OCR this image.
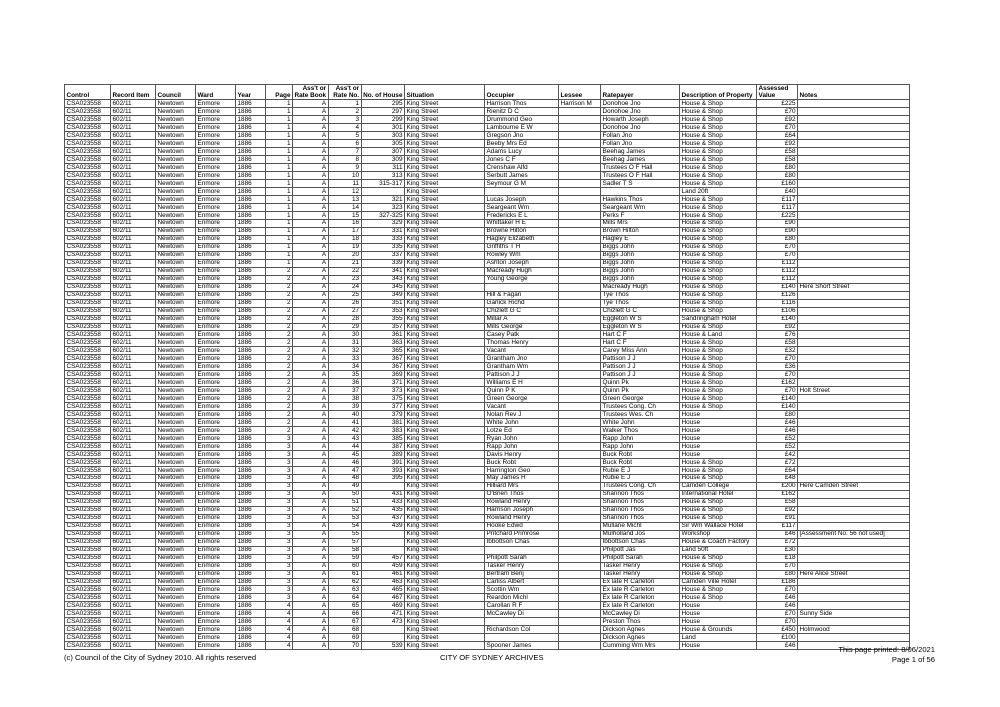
						Ass't or	Ass't or							Assessed	
Control	Record Item	Council	Ward	Year	Page	Rate Book	Rate No.	No. of House	Situation	Occupier	Lessee	Ratepayer	Description of Property	Value	Notes
CSA023558	602/11	Newtown	Enmore	1886	1	A	1	295	King Street	Harrison Thos	Harrison M	Donohoe Jno	House & Shop	£225	
CSA023558	602/11	Newtown	Enmore	1886	1	A	2	297	King Street	Rienitz D C		Donohoe Jno	House & Shop	£70	
CSA023558	602/11	Newtown	Enmore	1886	1	A	3	299	King Street	Drummond Geo		Howarth Joseph	House & Shop	£92	
CSA023558	602/11	Newtown	Enmore	1886	1	A	4	301	King Street	Lambourne E W		Donohoe Jno	House & Shop	£70	
CSA023558	602/11	Newtown	Enmore	1886	1	A	5	303	King Street	Gregson Jno		Follan Jno	House & Shop	£64	
CSA023558	602/11	Newtown	Enmore	1886	1	A	6	305	King Street	Beeby Mrs Ed		Follan Jno	House & Shop	£92	
CSA023558	602/11	Newtown	Enmore	1886	1	A	7	307	King Street	Adams Lucy		Beehag James	House & Shop	£58	
CSA023558	602/11	Newtown	Enmore	1886	1	A	8	309	King Street	Jones C F		Beehag James	House & Shop	£58	
CSA023558	602/11	Newtown	Enmore	1886	1	A	9	311	King Street	Crenshaw Alfd		Trustees O F Hall	House & Shop	£80	
CSA023558	602/11	Newtown	Enmore	1886	1	A	10	313	King Street	Serbutt James		Trustees O F Hall	House & Shop	£80	
CSA023558	602/11	Newtown	Enmore	1886	1	A	11	315-317	King Street	Seymour G M		Sadler T S	House & Shop	£160	
CSA023558	602/11	Newtown	Enmore	1886	1	A	12		King Street				Land 20ft	£40	
CSA023558	602/11	Newtown	Enmore	1886	1	A	13	321	King Street	Lucas Joseph		Hawkins Thos	House & Shop	£117	
CSA023558	602/11	Newtown	Enmore	1886	1	A	14	323	King Street	Seargeant Wm		Seargeant Wm	House & Shop	£117	
CSA023558	602/11	Newtown	Enmore	1886	1	A	15	327-325	King Street	Fredericks E L		Perks F	House & Shop	£225	
CSA023558	602/11	Newtown	Enmore	1886	1	A	16	329	King Street	Whittaker H E		Mills Mrs	House & Shop	£90	
CSA023558	602/11	Newtown	Enmore	1886	1	A	17	331	King Street	Browne Hilton		Brown Hilton	House & Shop	£90	
CSA023558	602/11	Newtown	Enmore	1886	1	A	18	333	King Street	Hagley Elizabeth		Hagley E	House & Shop	£80	
CSA023558	602/11	Newtown	Enmore	1886	1	A	19	335	King Street	Griffiths T H		Biggs John	House & Shop	£70	
CSA023558	602/11	Newtown	Enmore	1886	1	A	20	337	King Street	Rowley Wm		Biggs John	House & Shop	£70	
CSA023558	602/11	Newtown	Enmore	1886	1	A	21	339	King Street	Ashton Joseph		Biggs John	House & Shop	£112	
CSA023558	602/11	Newtown	Enmore	1886	2	A	22	341	King Street	Macready Hugh		Biggs John	House & Shop	£112	
CSA023558	602/11	Newtown	Enmore	1886	2	A	23	343	King Street	Young George		Biggs John	House & Shop	£112	
CSA023558	602/11	Newtown	Enmore	1886	2	A	24	345	King Street			Macready Hugh	House & Shop	£140	Here Short Street
CSA023558	602/11	Newtown	Enmore	1886	2	A	25	349	King Street	Hill & Fagan		Tye Thos	House & Shop	£126	
CSA023558	602/11	Newtown	Enmore	1886	2	A	26	351	King Street	Garlick Richd		Tye Thos	House & Shop	£116	
CSA023558	602/11	Newtown	Enmore	1886	2	A	27	353	King Street	Chizlett G C		Chizlett G C	House & Shop	£106	
CSA023558	602/11	Newtown	Enmore	1886	2	A	28	355	King Street	Millar A		Eggleton W S	Sandringham Hotel	£140	
CSA023558	602/11	Newtown	Enmore	1886	2	A	29	357	King Street	Mills George		Eggleton W S	House & Shop	£92	
CSA023558	602/11	Newtown	Enmore	1886	2	A	30	361	King Street	Casey Patk		Hart C F	House & Land	£76	
CSA023558	602/11	Newtown	Enmore	1886	2	A	31	363	King Street	Thomas Henry		Hart C F	House & Shop	£58	
CSA023558	602/11	Newtown	Enmore	1886	2	A	32	365	King Street	Vacant		Carey Miss Ann	House & Shop	£32	
CSA023558	602/11	Newtown	Enmore	1886	2	A	33	367	King Street	Grantham Jno		Pattison J J	House & Shop	£70	
CSA023558	602/11	Newtown	Enmore	1886	2	A	34	367	King Street	Grantham Wm		Pattison J J	House & Shop	£36	
CSA023558	602/11	Newtown	Enmore	1886	2	A	35	369	King Street	Pattison J J		Pattison J J	House & Shop	£70	
CSA023558	602/11	Newtown	Enmore	1886	2	A	36	371	King Street	Williams E H		Quinn Pk	House & Shop	£162	
CSA023558	602/11	Newtown	Enmore	1886	2	A	37	373	King Street	Quinn P K		Quinn Pk	House & Shop	£70	Holt Street
CSA023558	602/11	Newtown	Enmore	1886	2	A	38	375	King Street	Green George		Green George	House & Shop	£140	
CSA023558	602/11	Newtown	Enmore	1886	2	A	39	377	King Street	Vacant		Trustees Cong. Ch	House & Shop	£140	
CSA023558	602/11	Newtown	Enmore	1886	2	A	40	379	King Street	Nolan Rev J		Trustees Wes. Ch	House	£80	
CSA023558	602/11	Newtown	Enmore	1886	2	A	41	381	King Street	White John		White John	House	£46	
CSA023558	602/11	Newtown	Enmore	1886	2	A	42	383	King Street	Lotze Ed		Walker Thos	House	£46	
CSA023558	602/11	Newtown	Enmore	1886	3	A	43	385	King Street	Ryan John		Rapp John	House	£52	
CSA023558	602/11	Newtown	Enmore	1886	3	A	44	387	King Street	Rapp John		Rapp John	House	£52	
CSA023558	602/11	Newtown	Enmore	1886	3	A	45	389	King Street	Davis Henry		Buck Robt	House	£42	
CSA023558	602/11	Newtown	Enmore	1886	3	A	46	391	King Street	Buck Robt		Buck Robt	House & Shop	£72	
CSA023558	602/11	Newtown	Enmore	1886	3	A	47	393	King Street	Harrington Geo		Rubie E J	House & Shop	£64	
CSA023558	602/11	Newtown	Enmore	1886	3	A	48	395	King Street	May James H		Rubie E J	House & Shop	£48	
CSA023558	602/11	Newtown	Enmore	1886	3	A	49		King Street	Hilliard Mrs		Trustees Cong. Ch	Camden College	£200	Here Camden Street
CSA023558	602/11	Newtown	Enmore	1886	3	A	50	431	King Street	O'Brien Thos		Shannon Thos	International Hotel	£162	
CSA023558	602/11	Newtown	Enmore	1886	3	A	51	433	King Street	Rowland Henry		Shannon Thos	House & Shop	£58	
CSA023558	602/11	Newtown	Enmore	1886	3	A	52	435	King Street	Harrison Joseph		Shannon Thos	House & Shop	£92	
CSA023558	602/11	Newtown	Enmore	1886	3	A	53	437	King Street	Rowland Henry		Shannon Thos	House & Shop	£91	
CSA023558	602/11	Newtown	Enmore	1886	3	A	54	439	King Street	Hooke Edwd		Mullane Michl	Sir Wm Wallace Hotel	£117	
CSA023558	602/11	Newtown	Enmore	1886	3	A	55		King Street	Pritchard Primrose		Mulholland Jos	Workshop	£46	[Assessment No. 56 not used]
CSA023558	602/11	Newtown	Enmore	1886	3	A	57		King Street	Ibbottson Chas		Ibbottson Chas	House & Coach Factory	£72	
CSA023558	602/11	Newtown	Enmore	1886	3	A	58		King Street			Philpott Jas	Land 50ft	£30	
CSA023558	602/11	Newtown	Enmore	1886	3	A	59	457	King Street	Philpott Sarah		Philpott Sarah	House & Shop	£18	
CSA023558	602/11	Newtown	Enmore	1886	3	A	60	459	King Street	Tasker Henry		Tasker Henry	House & Shop	£70	
CSA023558	602/11	Newtown	Enmore	1886	3	A	61	461	King Street	Bertram Benj		Tasker Henry	House & Shop	£80	Here Alice Street
CSA023558	602/11	Newtown	Enmore	1886	3	A	62	463	King Street	Carliss Albert		Ex late R Carleton	Camden Ville Hotel	£186	
CSA023558	602/11	Newtown	Enmore	1886	3	A	63	465	King Street	Scottin Wm		Ex late R Carleton	House & Shop	£70	
CSA023558	602/11	Newtown	Enmore	1886	3	A	64	467	King Street	Reardon Michl		Ex late R Carleton	House & Shop	£46	
CSA023558	602/11	Newtown	Enmore	1886	4	A	65	469	King Street	Carollan R F		Ex late R Carleton	House	£46	
CSA023558	602/11	Newtown	Enmore	1886	4	A	66	471	King Street	McCawley Di		McCawley Di	House	£70	Sunny Side
CSA023558	602/11	Newtown	Enmore	1886	4	A	67	473	King Street			Preston Thos	House	£70	
CSA023558	602/11	Newtown	Enmore	1886	4	A	68		King Street	Richardson Col		Dickson Agnes	House & Grounds	£450	Holmwood
CSA023558	602/11	Newtown	Enmore	1886	4	A	69		King Street			Dickson Agnes	Land	£100	
CSA023558	602/11	Newtown	Enmore	1886	4	A	70	539	King Street	Spooner James		Cumming Wm Mrs	House	£46	
(c) Council of the City of Sydney 2010. All rights reserved	CITY OF SYDNEY ARCHIVES
This page printed: 8/06/2021
Page 1 of 56
